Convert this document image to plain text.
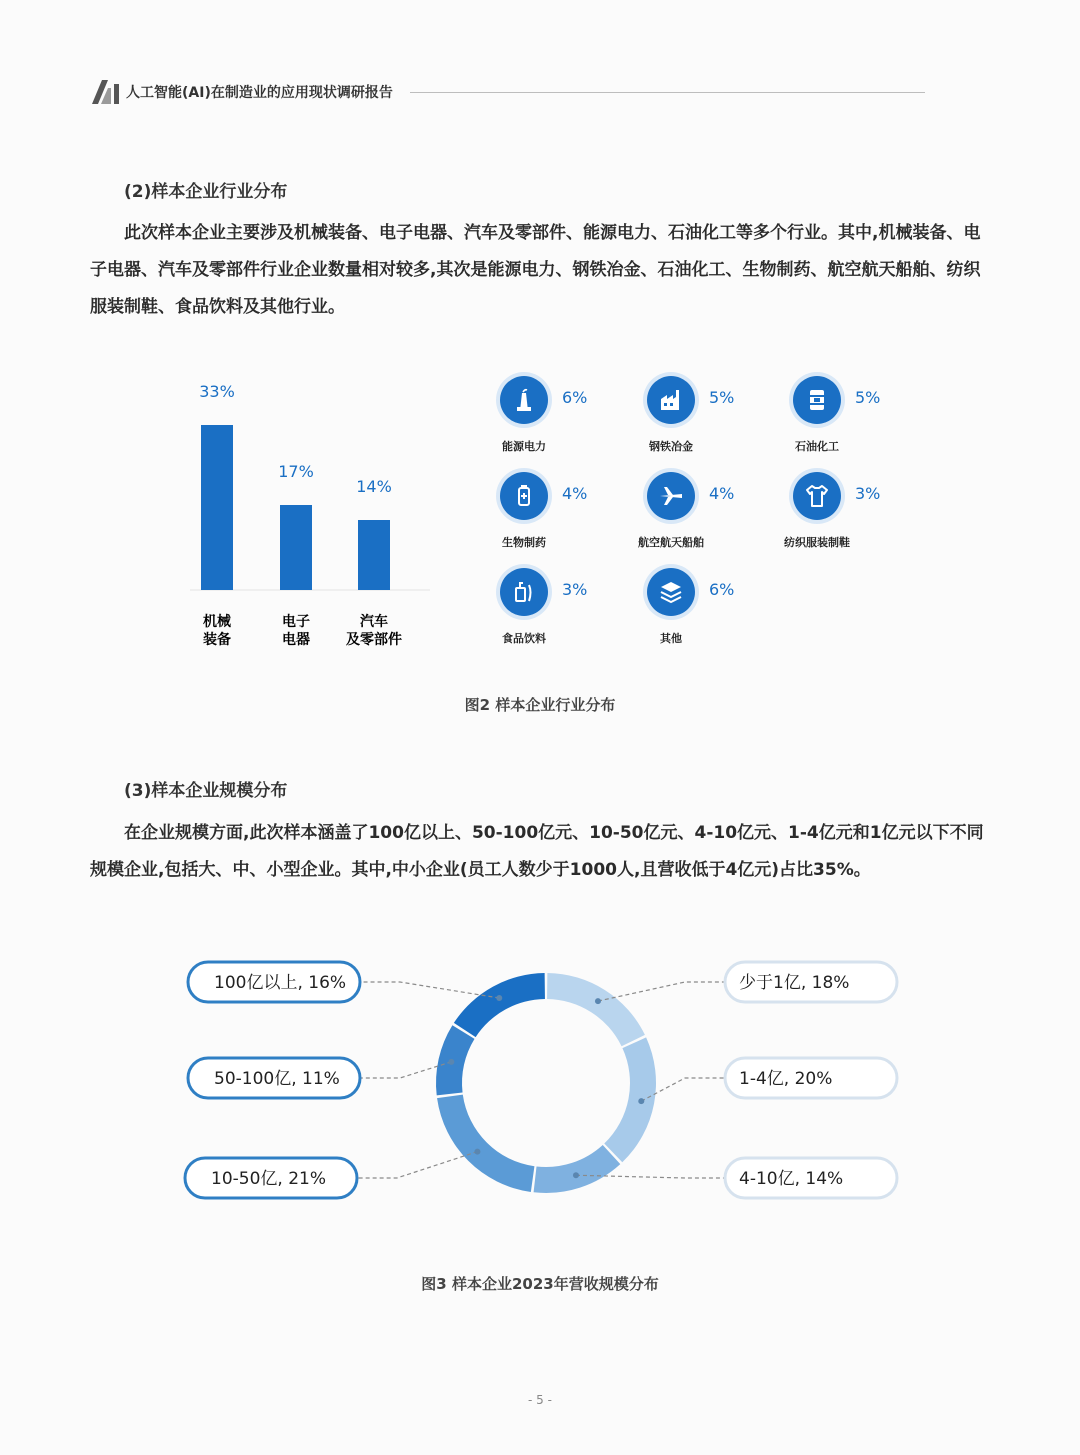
人工智能(AI)在制造业的应用现状调研报告
(2)样本企业行业分布
此次样本企业主要涉及机械装备、电子电器、汽车及零部件、能源电力、石油化工等多个行业。其中,机械装备、电子电器、汽车及零部件行业企业数量相对较多,其次是能源电力、钢铁冶金、石油化工、生物制药、航空航天船舶、纺织服装制鞋、食品饮料及其他行业。
33%
机械
装备
17%
电子
电器
14%
汽车
及零部件
6%
能源电力
5%
钢铁冶金
5%
石油化工
4%
生物制药
4%
航空航天船舶
3%
纺织服装制鞋
3%
食品饮料
6%
其他
图2 样本企业行业分布
(3)样本企业规模分布
在企业规模方面,此次样本涵盖了100亿以上、50-100亿元、10-50亿元、4-10亿元、1-4亿元和1亿元以下不同规模企业,包括大、中、小型企业。其中,中小企业(员工人数少于1000人,且营收低于4亿元)占比35%。
少于1亿, 18%
1-4亿, 20%
4-10亿, 14%
10-50亿, 21%
50-100亿, 11%
100亿以上, 16%
图3 样本企业2023年营收规模分布
- 5 -
